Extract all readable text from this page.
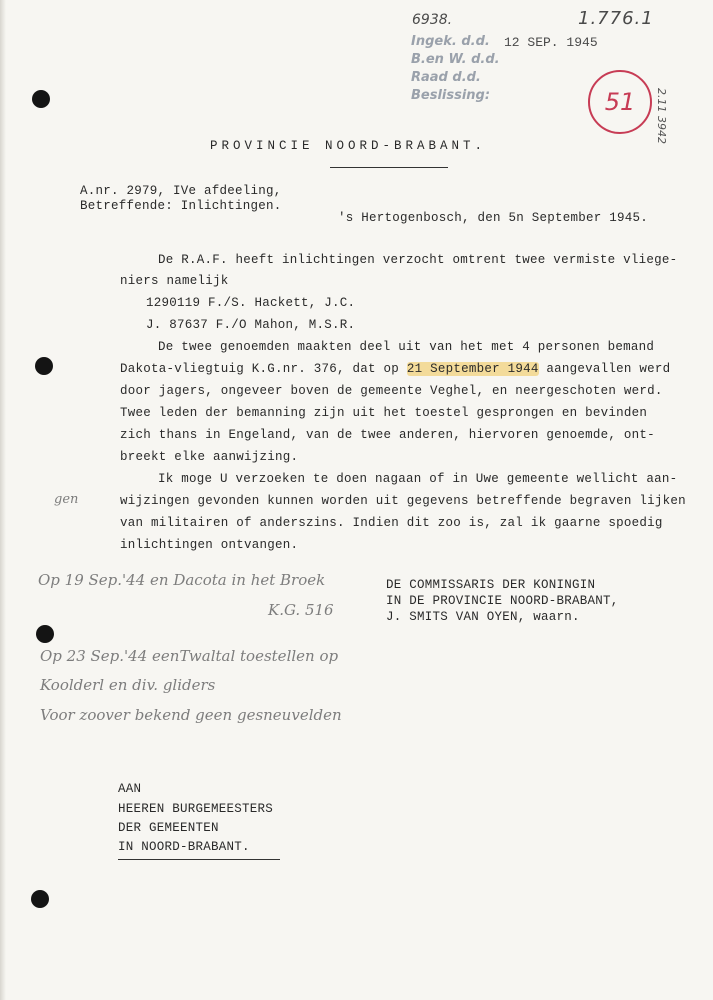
6938.
Ingek. d.d. 12 SEP. 1945
B.en W. d.d.
Raad d.d.
Beslissing:
1.776.1
51 2.11 3942
PROVINCIE NOORD-BRABANT.
A.nr. 2979, IVe afdeeling,
Betreffende: Inlichtingen.
's Hertogenbosch, den 5n September 1945.
De R.A.F. heeft inlichtingen verzocht omtrent twee vermiste vliege-
niers namelijk
1290119 F./S. Hackett, J.C.
J. 87637 F./O Mahon, M.S.R.
De twee genoemden maakten deel uit van het met 4 personen bemand
Dakota-vliegtuig K.G.nr. 376, dat op 21 September 1944 aangevallen werd
door jagers, ongeveer boven de gemeente Veghel, en neergeschoten werd.
Twee leden der bemanning zijn uit het toestel gesprongen en bevinden
zich thans in Engeland, van de twee anderen, hiervoren genoemde, ont-
breekt elke aanwijzing.
Ik moge U verzoeken te doen nagaan of in Uwe gemeente wellicht aan-
wijzingen gevonden kunnen worden uit gegevens betreffende begraven lijken
van militairen of anderszins. Indien dit zoo is, zal ik gaarne spoedig
inlichtingen ontvangen.
gen
DE COMMISSARIS DER KONINGIN
IN DE PROVINCIE NOORD-BRABANT,
J. SMITS VAN OYEN, waarn.
Op 19 Sep.'44 en Dacota in het Broek
K.G. 516
Op 23 Sep.'44 eenTwaltal toestellen op
Koolderl en div. gliders
Voor zoover bekend geen gesneuvelden
AAN
HEEREN BURGEMEESTERS
DER GEMEENTEN
IN NOORD-BRABANT.
